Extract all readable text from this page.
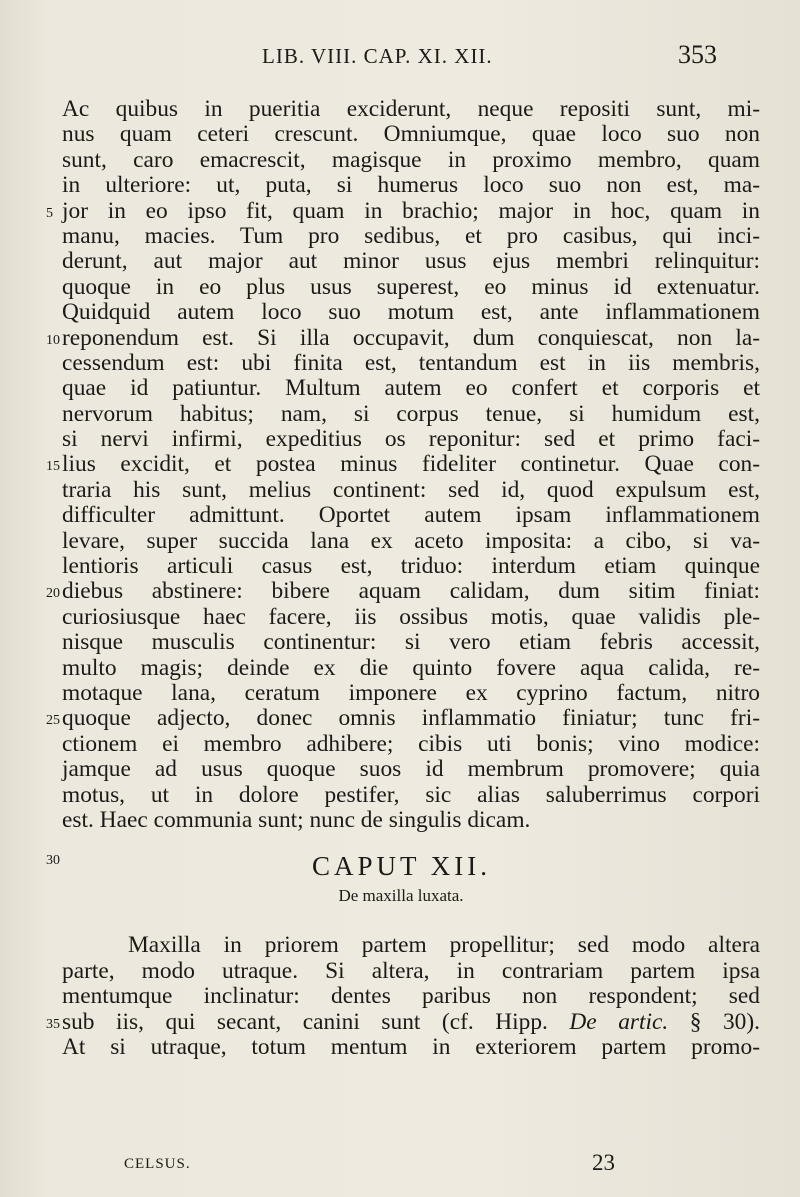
LIB. VIII. CAP. XI. XII.	353
Ac quibus in pueritia exciderunt, neque repositi sunt, mi-
nus quam ceteri crescunt. Omniumque, quae loco suo non
sunt, caro emacrescit, magisque in proximo membro, quam
in ulteriore: ut, puta, si humerus loco suo non est, ma-
5 jor in eo ipso fit, quam in brachio; major in hoc, quam in
manu, macies. Tum pro sedibus, et pro casibus, qui inci-
derunt, aut major aut minor usus ejus membri relinquitur:
quoque in eo plus usus superest, eo minus id extenuatur.
Quidquid autem loco suo motum est, ante inflammationem
10 reponendum est. Si illa occupavit, dum conquiescat, non la-
cessendum est: ubi finita est, tentandum est in iis membris,
quae id patiuntur. Multum autem eo confert et corporis et
nervorum habitus; nam, si corpus tenue, si humidum est,
si nervi infirmi, expeditius os reponitur: sed et primo faci-
15 lius excidit, et postea minus fideliter continetur. Quae con-
traria his sunt, melius continent: sed id, quod expulsum est,
difficulter admittunt. Oportet autem ipsam inflammationem
levare, super succida lana ex aceto imposita: a cibo, si va-
lentioris articuli casus est, triduo: interdum etiam quinque
20 diebus abstinere: bibere aquam calidam, dum sitim finiat:
curiosiusque haec facere, iis ossibus motis, quae validis ple-
nisque musculis continentur: si vero etiam febris accessit,
multo magis; deinde ex die quinto fovere aqua calida, re-
motaque lana, ceratum imponere ex cyprino factum, nitro
25 quoque adjecto, donec omnis inflammatio finiatur; tunc fri-
ctionem ei membro adhibere; cibis uti bonis; vino modice:
jamque ad usus quoque suos id membrum promovere; quia
motus, ut in dolore pestifer, sic alias saluberrimus corpori
est. Haec communia sunt; nunc de singulis dicam.
30	CAPUT XII.
De maxilla luxata.
Maxilla in priorem partem propellitur; sed modo altera
parte, modo utraque. Si altera, in contrariam partem ipsa
mentumque inclinatur: dentes paribus non respondent; sed
35 sub iis, qui secant, canini sunt (cf. Hipp. De artic. § 30).
At si utraque, totum mentum in exteriorem partem promo-
CELSUS.	23
